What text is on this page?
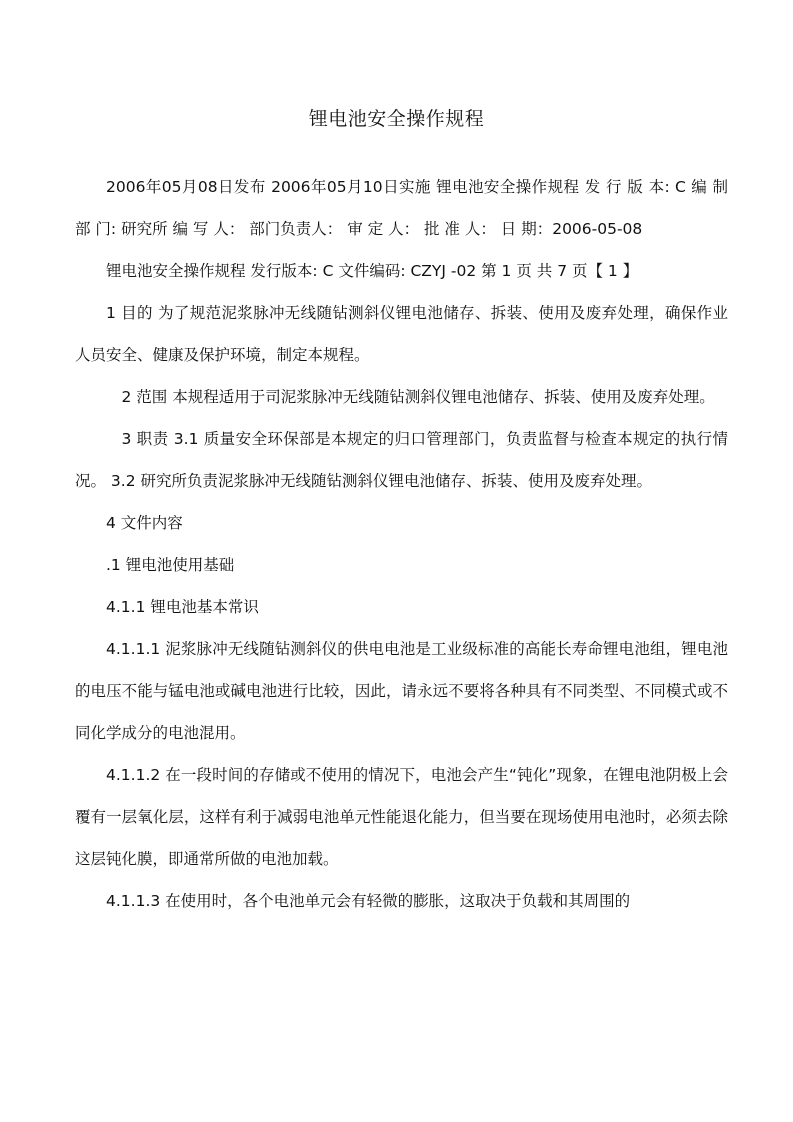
锂电池安全操作规程

2006年05月08日发布 2006年05月10日实施 锂电池安全操作规程 发 行 版 本: C 编 制 部 门: 研究所 编 写 人： 部门负责人： 审 定 人： 批 准 人： 日 期：2006-05-08

锂电池安全操作规程 发行版本: C 文件编码: CZYJ -02 第 1 页 共 7 页【 1 】

1 目的 为了规范泥浆脉冲无线随钻测斜仪锂电池储存、拆装、使用及废弃处理，确保作业人员安全、健康及保护环境，制定本规程。

2 范围 本规程适用于司泥浆脉冲无线随钻测斜仪锂电池储存、拆装、使用及废弃处理。

3 职责 3.1 质量安全环保部是本规定的归口管理部门，负责监督与检查本规定的执行情况。 3.2 研究所负责泥浆脉冲无线随钻测斜仪锂电池储存、拆装、使用及废弃处理。

4 文件内容

.1 锂电池使用基础

4.1.1 锂电池基本常识

4.1.1.1 泥浆脉冲无线随钻测斜仪的供电电池是工业级标准的高能长寿命锂电池组，锂电池的电压不能与锰电池或碱电池进行比较，因此，请永远不要将各种具有不同类型、不同模式或不同化学成分的电池混用。

4.1.1.2 在一段时间的存储或不使用的情况下，电池会产生“钝化”现象，在锂电池阴极上会覆有一层氧化层，这样有利于减弱电池单元性能退化能力，但当要在现场使用电池时，必须去除这层钝化膜，即通常所做的电池加载。

4.1.1.3 在使用时，各个电池单元会有轻微的膨胀，这取决于负载和其周围的
